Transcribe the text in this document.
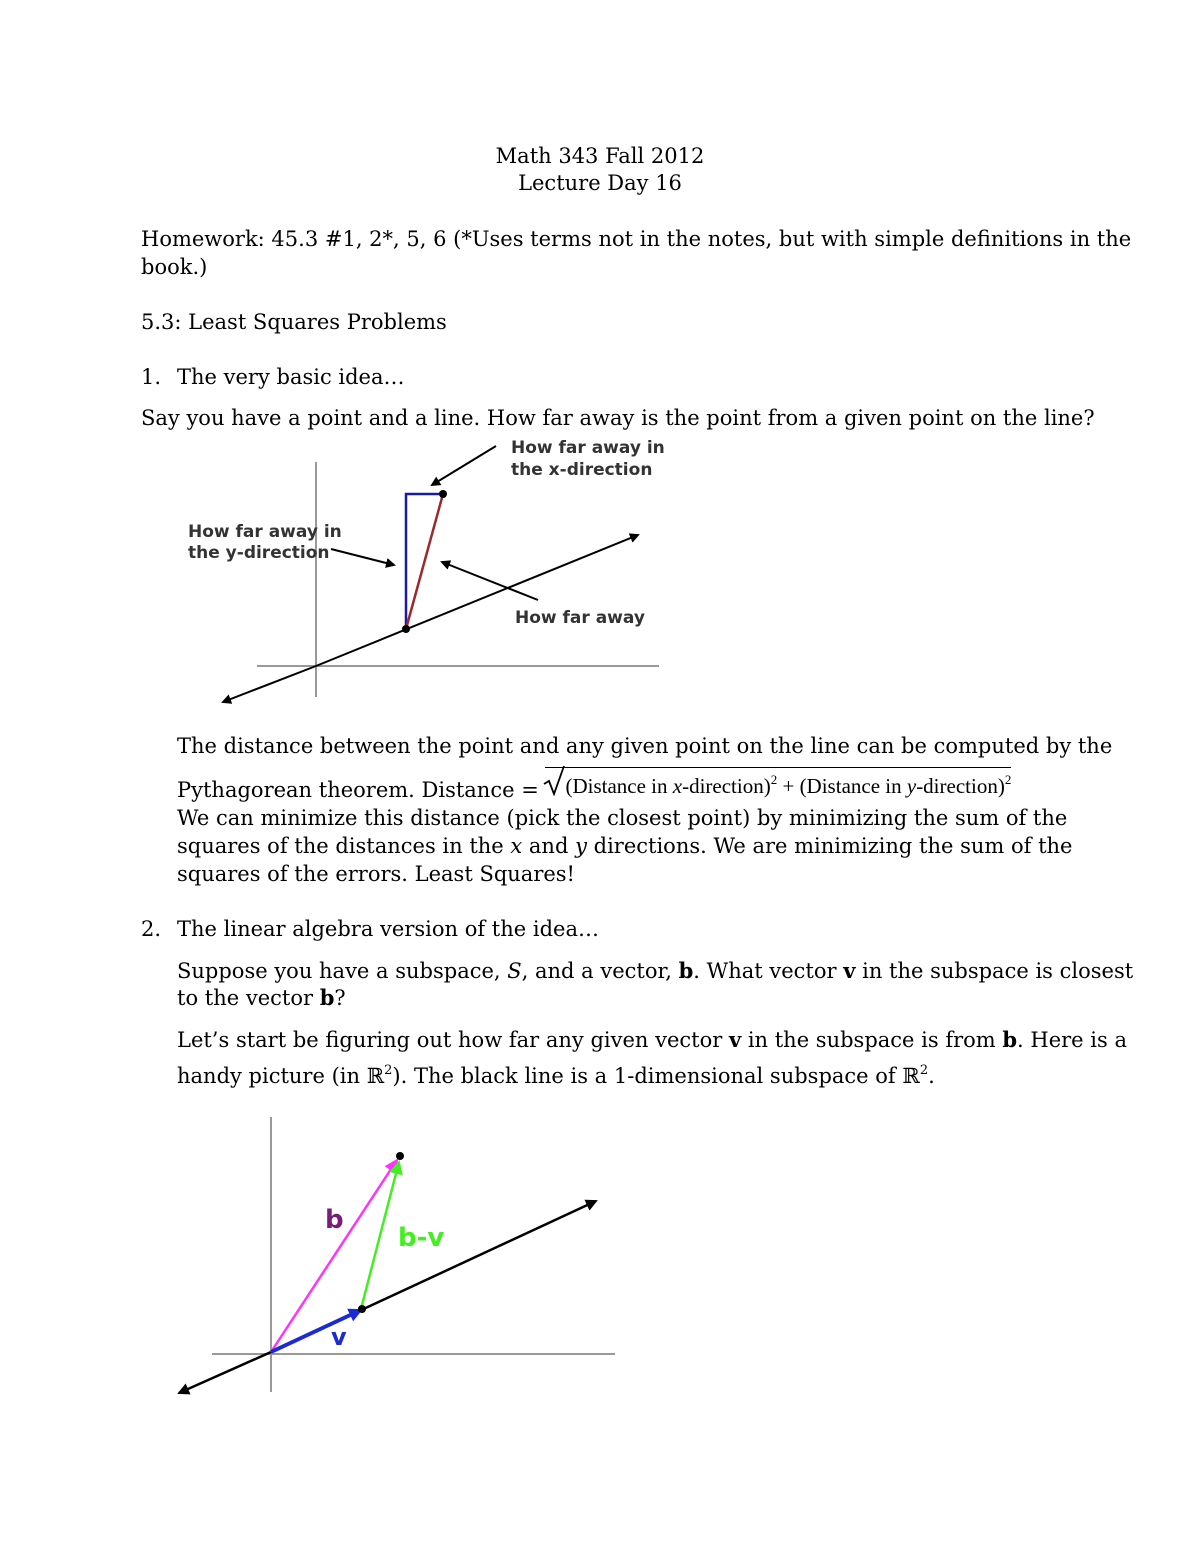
Math 343 Fall 2012
Lecture Day 16
Homework: 45.3 #1, 2*, 5, 6 (*Uses terms not in the notes, but with simple definitions in the
book.)
5.3: Least Squares Problems
1. The very basic idea…
Say you have a point and a line. How far away is the point from a given point on the line?
How far away in
the x-direction
How far away in
the y-direction
How far away
The distance between the point and any given point on the line can be computed by the
Pythagorean theorem. Distance =
(Distance in x-direction)$^2$ + (Distance in y-direction)$^2$
We can minimize this distance (pick the closest point) by minimizing the sum of the
squares of the distances in the x and y directions. We are minimizing the sum of the
squares of the errors. Least Squares!
2. The linear algebra version of the idea…
Suppose you have a subspace, S, and a vector, b. What vector v in the subspace is closest
to the vector b?
Let’s start be figuring out how far any given vector v in the subspace is from b. Here is a
handy picture (in ℝ$^2$). The black line is a 1-dimensional subspace of ℝ$^2$.
b
b-v
v
